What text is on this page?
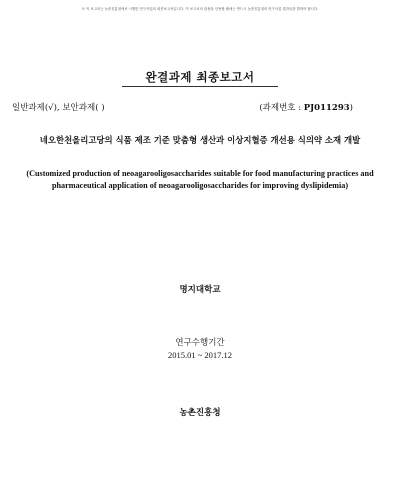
※ 이 보고서는 농촌진흥청에서 시행한 연구사업의 최종보고서입니다. 이 보고서의 내용을 인용할 때에는 반드시 농촌진흥청의 연구사업 결과임을 밝혀야 합니다.
완결과제 최종보고서
일반과제(√), 보안과제( )	(과제번호 : PJ011293)
네오한천올리고당의 식품 제조 기준 맞춤형 생산과 이상지혈증 개선용 식의약 소재 개발
(Customized production of neoagarooligosaccharides suitable for food manufacturing practices and pharmaceutical application of neoagarooligosaccharides for improving dyslipidemia)
명지대학교
연구수행기간
2015.01 ~ 2017.12
농촌진흥청
